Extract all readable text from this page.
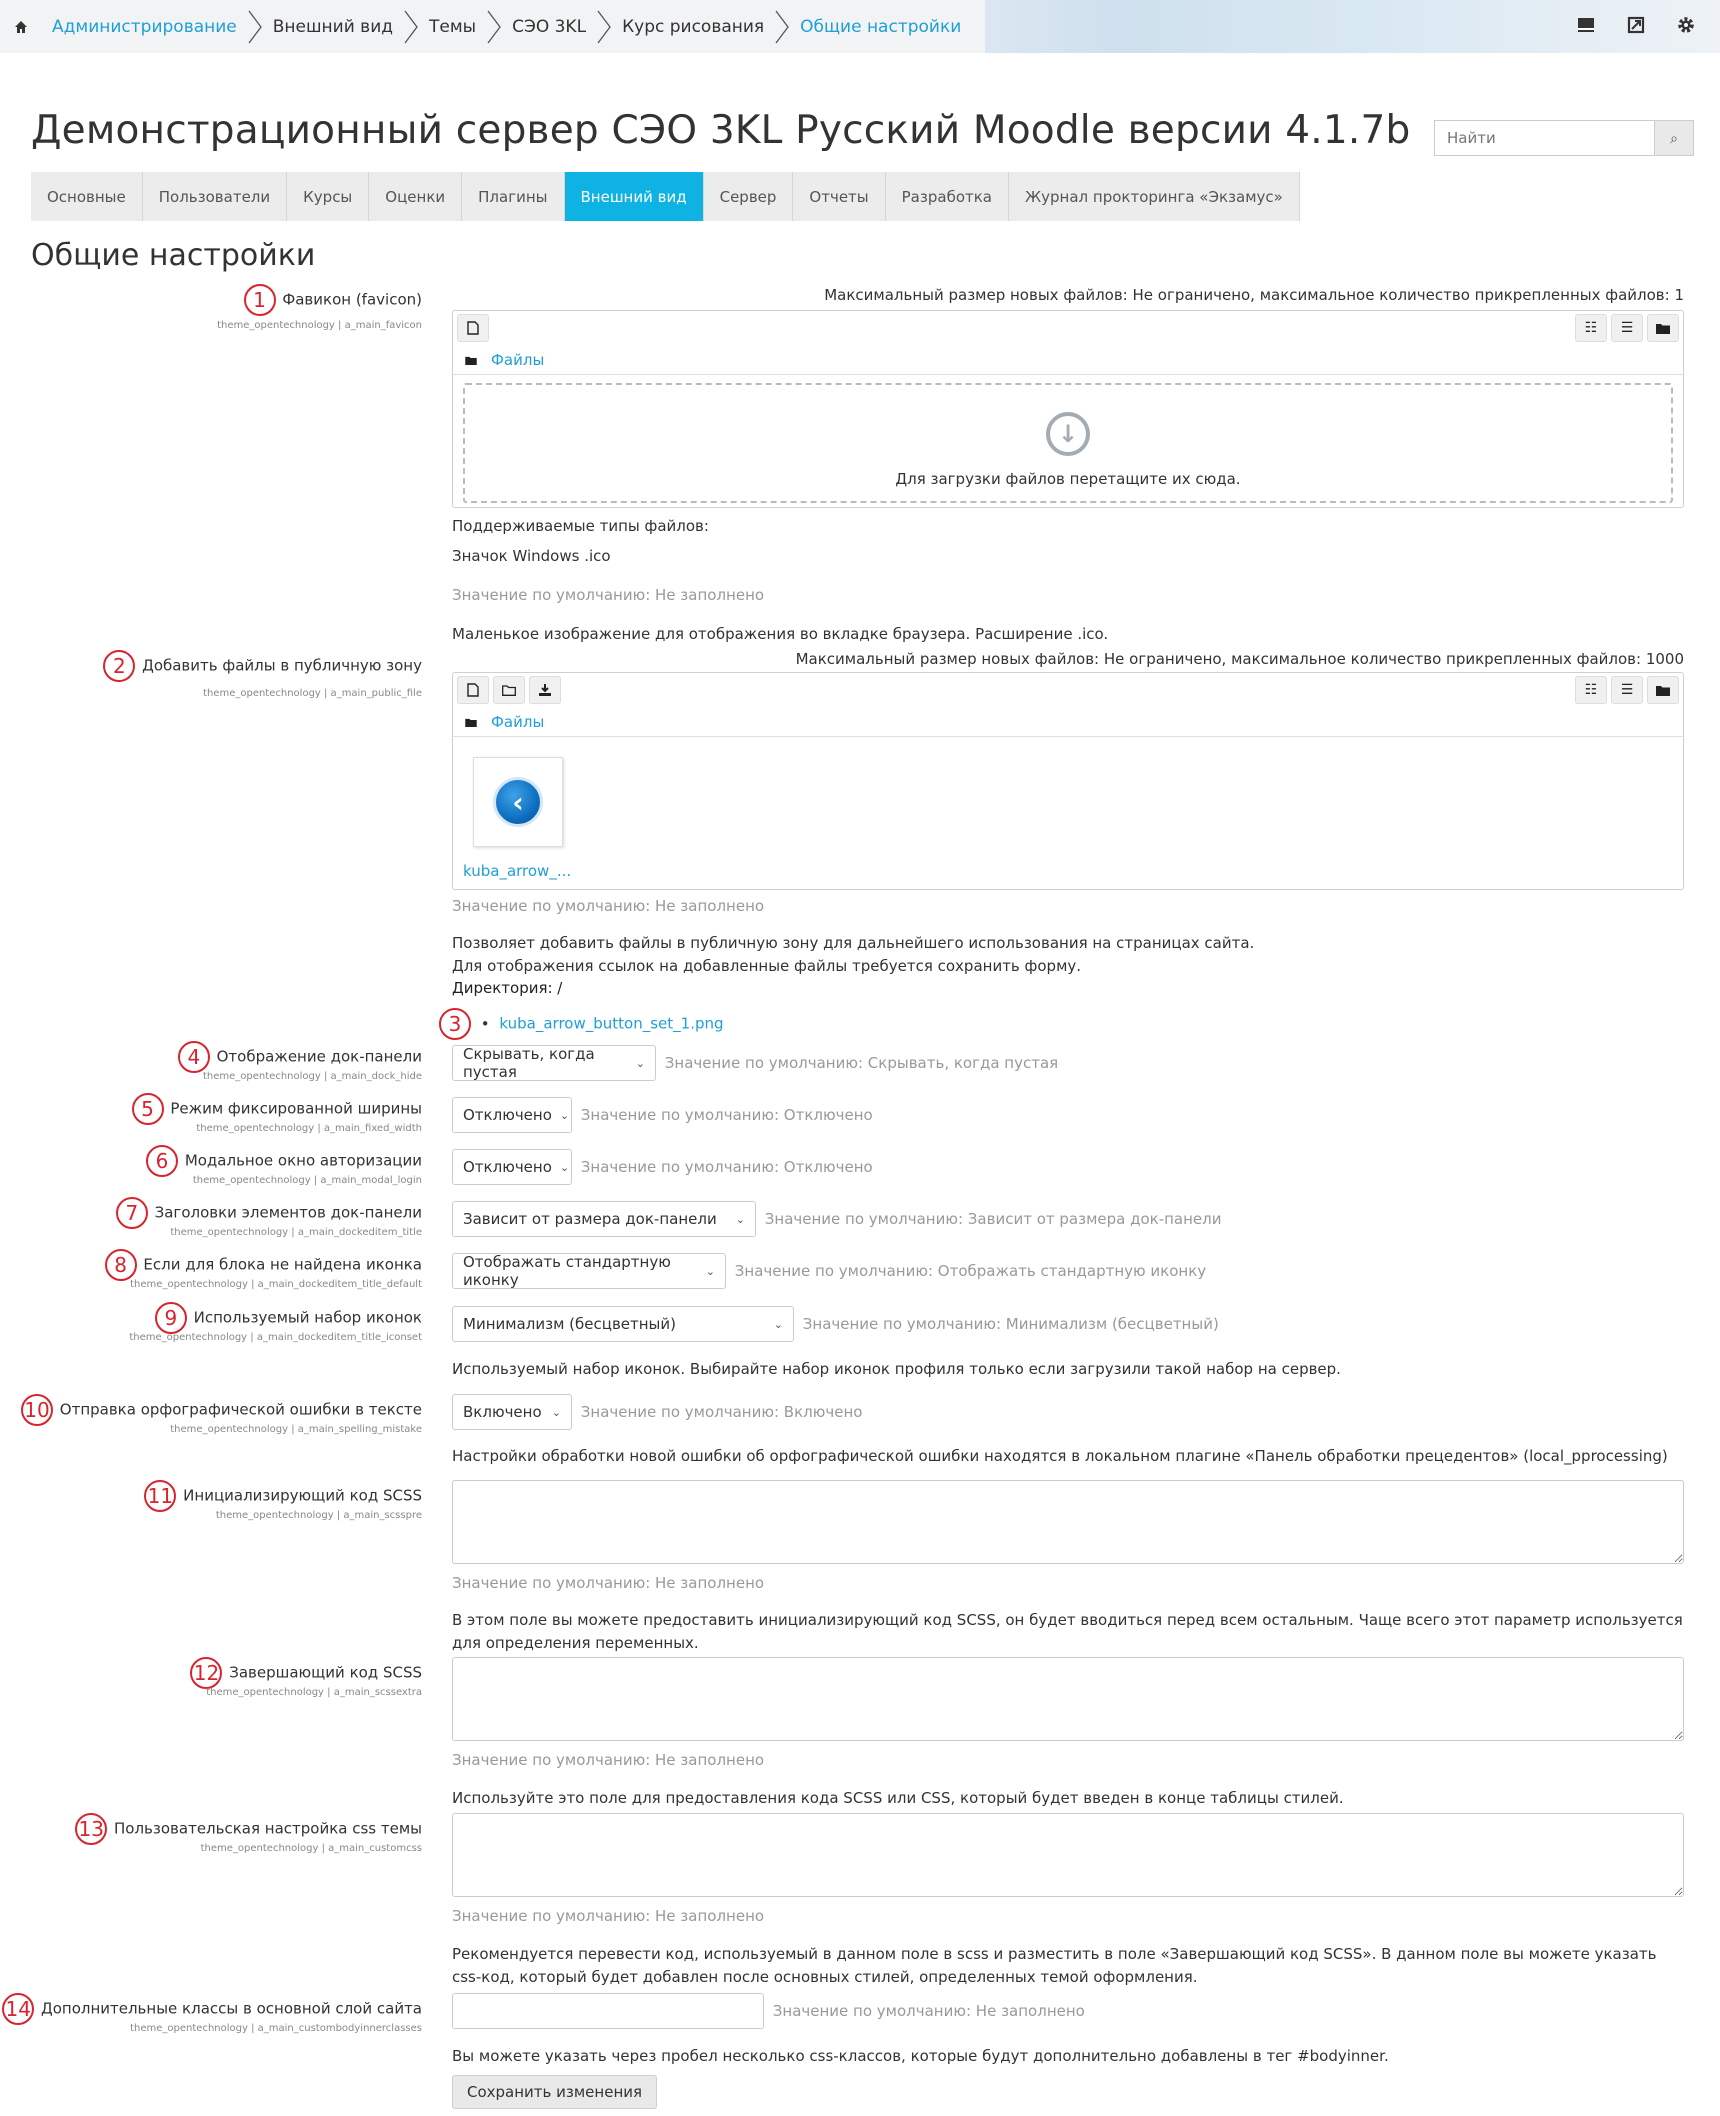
Администрирование	Внешний вид	Темы	СЭО 3KL	Курс рисования	Общие настройки
Демонстрационный сервер СЭО 3KL Русский Moodle версии 4.1.7b
Найти	⌕
Основные	Пользователи	Курсы	Оценки	Плагины	Внешний вид	Сервер	Отчеты	Разработка	Журнал прокторинга «Экзамус»
Общие настройки
1 Фавикон (favicon)
theme_opentechnology | a_main_favicon
Максимальный размер новых файлов: Не ограничено, максимальное количество прикрепленных файлов: 1
☷	☰
Файлы
↓
Для загрузки файлов перетащите их сюда.
Поддерживаемые типы файлов:
Значок Windows .ico
Значение по умолчанию: Не заполнено
Маленькое изображение для отображения во вкладке браузера. Расширение .ico.
2 Добавить файлы в публичную зону
theme_opentechnology | a_main_public_file
Максимальный размер новых файлов: Не ограничено, максимальное количество прикрепленных файлов: 1000
☷	☰
Файлы
‹
kuba_arrow_...
Значение по умолчанию: Не заполнено
Позволяет добавить файлы в публичную зону для дальнейшего использования на страницах сайта.
Для отображения ссылок на добавленные файлы требуется сохранить форму.
Директория: /
3 • kuba_arrow_button_set_1.png
4 Отображение док-панели
theme_opentechnology | a_main_dock_hide
Скрывать, когда пустая	⌄ Значение по умолчанию: Скрывать, когда пустая
5 Режим фиксированной ширины
theme_opentechnology | a_main_fixed_width
Отключено ⌄ Значение по умолчанию: Отключено
6 Модальное окно авторизации
theme_opentechnology | a_main_modal_login
Отключено ⌄ Значение по умолчанию: Отключено
7 Заголовки элементов док-панели
theme_opentechnology | a_main_dockeditem_title
Зависит от размера док-панели ⌄ Значение по умолчанию: Зависит от размера док-панели
8 Если для блока не найдена иконка
theme_opentechnology | a_main_dockeditem_title_default
Отображать стандартную иконку	⌄ Значение по умолчанию: Отображать стандартную иконку
9 Используемый набор иконок
theme_opentechnology | a_main_dockeditem_title_iconset
Минимализм (бесцветный)	⌄ Значение по умолчанию: Минимализм (бесцветный)
Используемый набор иконок. Выбирайте набор иконок профиля только если загрузили такой набор на сервер.
10 Отправка орфографической ошибки в тексте
theme_opentechnology | a_main_spelling_mistake
Включено ⌄ Значение по умолчанию: Включено
Настройки обработки новой ошибки об орфографической ошибки находятся в локальном плагине «Панель обработки прецедентов» (local_pprocessing)
11 Инициализирующий код SCSS
theme_opentechnology | a_main_scsspre
Значение по умолчанию: Не заполнено
В этом поле вы можете предоставить инициализирующий код SCSS, он будет вводиться перед всем остальным. Чаще всего этот параметр используется для определения переменных.
12 Завершающий код SCSS
theme_opentechnology | a_main_scssextra
Значение по умолчанию: Не заполнено
Используйте это поле для предоставления кода SCSS или CSS, который будет введен в конце таблицы стилей.
13 Пользовательская настройка css темы
theme_opentechnology | a_main_customcss
Значение по умолчанию: Не заполнено
Рекомендуется перевести код, используемый в данном поле в scss и разместить в поле «Завершающий код SCSS». В данном поле вы можете указать css-код, который будет добавлен после основных стилей, определенных темой оформления.
14 Дополнительные классы в основной слой сайта
theme_opentechnology | a_main_custombodyinnerclasses
Значение по умолчанию: Не заполнено
Вы можете указать через пробел несколько css-классов, которые будут дополнительно добавлены в тег #bodyinner.
Сохранить изменения
